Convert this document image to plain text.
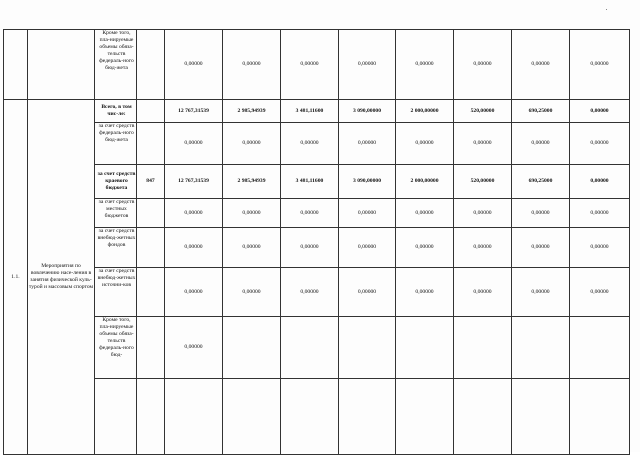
		Кроме того, пла-нируемые объемы обяза-тельств федераль-ного бюд-жета		0,00000	0,00000	0,00000	0,00000	0,00000	0,00000	0,00000	0,00000
1.1.	Мероприятия по вовлечению насе-ления в занятия физической куль-турой и массовым спортом	Всего, в том чис-ле:		12 767,31539	2 985,94939	3 481,11600	3 090,00000	2 000,00000	520,00000	690,25000	0,00000
		за счет средств федераль-ного бюд-жета		0,00000	0,00000	0,00000	0,00000	0,00000	0,00000	0,00000	0,00000
		за счет средств краевого бюджета	847	12 767,31539	2 985,94939	3 481,11600	3 090,00000	2 000,00000	520,00000	690,25000	0,00000
		за счет средств местных бюджетов		0,00000	0,00000	0,00000	0,00000	0,00000	0,00000	0,00000	0,00000
		за счет средств внебюд-жетных фондов		0,00000	0,00000	0,00000	0,00000	0,00000	0,00000	0,00000	0,00000
		за счет средств внебюд-жетных источни-ков		0,00000	0,00000	0,00000	0,00000	0,00000	0,00000	0,00000	0,00000
		Кроме того, пла-нируемые объемы обяза-тельств федераль-ного бюд-		0,00000							
